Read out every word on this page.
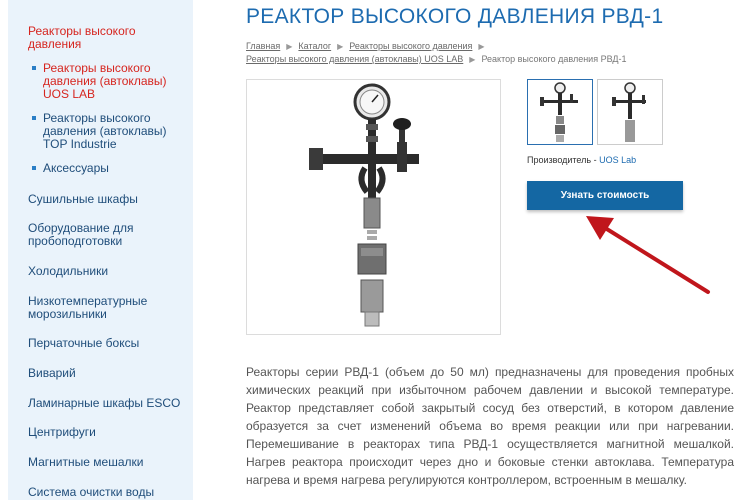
Реакторы высокого давления
Реакторы высокого давления (автоклавы) UOS LAB
Реакторы высокого давления (автоклавы) TOP Industrie
Аксессуары
Сушильные шкафы
Оборудование для пробоподготовки
Холодильники
Низкотемпературные морозильники
Перчаточные боксы
Виварий
Ламинарные шкафы ESCO
Центрифуги
Магнитные мешалки
Система очистки воды
РЕАКТОР ВЫСОКОГО ДАВЛЕНИЯ РВД-1
Главная ▶ Каталог ▶ Реакторы высокого давления ▶
Реакторы высокого давления (автоклавы) UOS LAB ▶ Реактор высокого давления РВД-1
Производитель - UOS Lab
Узнать стоимость

Реакторы серии РВД-1 (объем до 50 мл) предназначены для проведения пробных химических реакций при избыточном рабочем давлении и высокой температуре. Реактор представляет собой закрытый сосуд без отверстий, в котором давление образуется за счет изменений объема во время реакции или при нагревании. Перемешивание в реакторах типа РВД-1 осуществляется магнитной мешалкой. Нагрев реактора происходит через дно и боковые стенки автоклава. Температура нагрева и время нагрева регулируются контроллером, встроенным в мешалку.
